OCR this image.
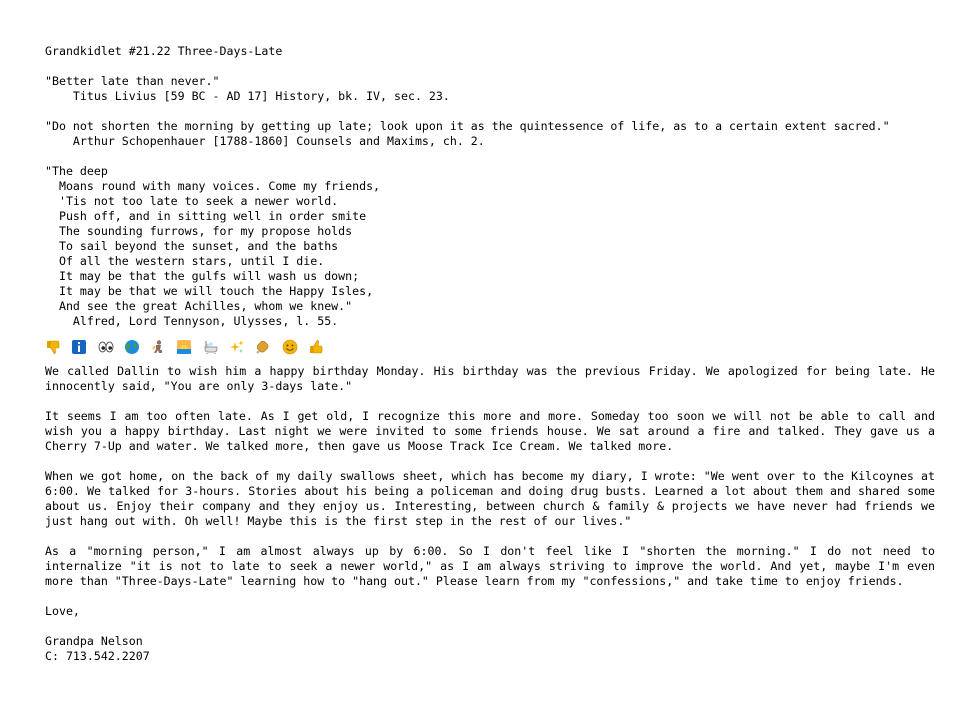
Grandkidlet #21.22 Three-Days-Late
"Better late than never."
Titus Livius [59 BC - AD 17] History, bk. IV, sec. 23.
"Do not shorten the morning by getting up late; look upon it as the quintessence of life, as to a certain extent sacred."
Arthur Schopenhauer [1788-1860] Counsels and Maxims, ch. 2.
"The deep
Moans round with many voices. Come my friends,
'Tis not too late to seek a newer world.
Push off, and in sitting well in order smite
The sounding furrows, for my propose holds
To sail beyond the sunset, and the baths
Of all the western stars, until I die.
It may be that the gulfs will wash us down;
It may be that we will touch the Happy Isles,
And see the great Achilles, whom we knew."
Alfred, Lord Tennyson, Ulysses, l. 55.
We called Dallin to wish him a happy birthday Monday. His birthday was the previous Friday. We apologized for being late. He innocently said, "You are only 3-days late."
It seems I am too often late. As I get old, I recognize this more and more. Someday too soon we will not be able to call and wish you a happy birthday. Last night we were invited to some friends house. We sat around a fire and talked. They gave us a Cherry 7-Up and water. We talked more, then gave us Moose Track Ice Cream. We talked more.
When we got home, on the back of my daily swallows sheet, which has become my diary, I wrote: "We went over to the Kilcoynes at 6:00. We talked for 3-hours. Stories about his being a policeman and doing drug busts. Learned a lot about them and shared some about us. Enjoy their company and they enjoy us. Interesting, between church & family & projects we have never had friends we just hang out with. Oh well! Maybe this is the first step in the rest of our lives."
As a "morning person," I am almost always up by 6:00. So I don't feel like I "shorten the morning." I do not need to internalize "it is not to late to seek a newer world," as I am always striving to improve the world. And yet, maybe I'm even more than "Three-Days-Late" learning how to "hang out." Please learn from my "confessions," and take time to enjoy friends.
Love,
Grandpa Nelson
C: 713.542.2207
